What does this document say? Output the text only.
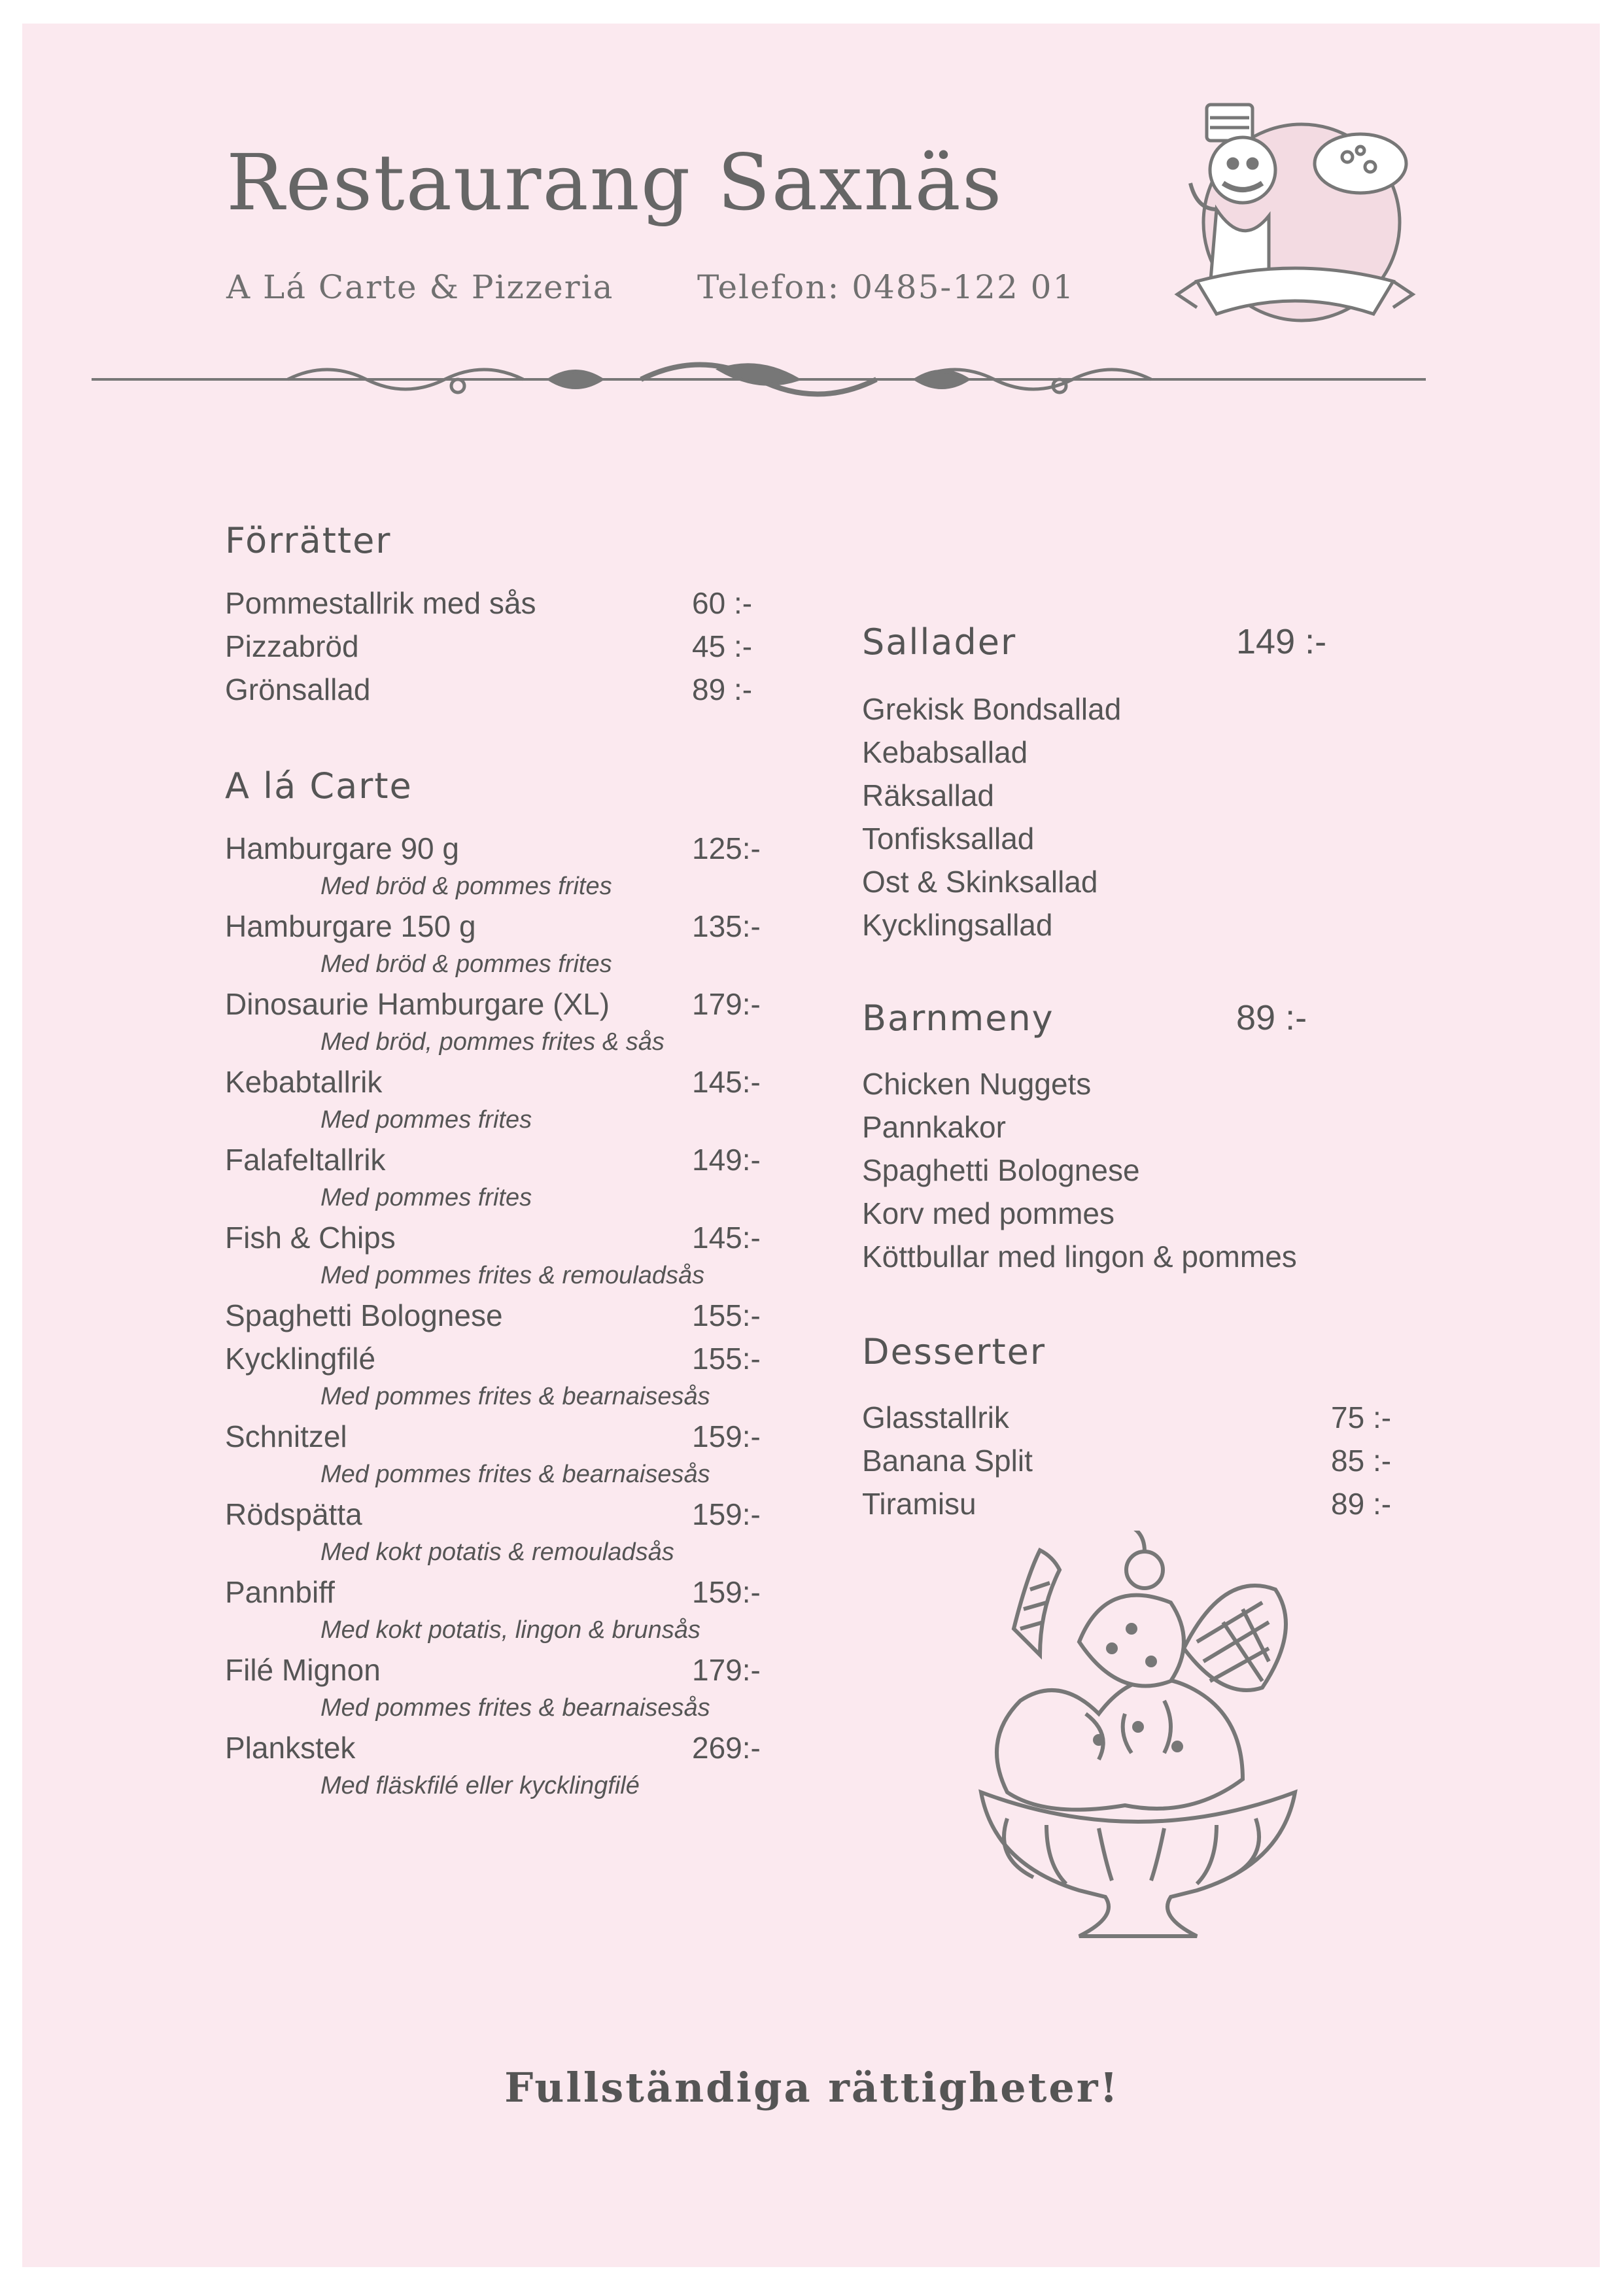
Restaurang Saxnäs
A Lá Carte & Pizzeria	Telefon: 0485-122 01
Förrätter
Pommestallrik med sås	60 :-
Pizzabröd	45 :-
Grönsallad	89 :-
A lá Carte
Hamburgare 90 g	125:-
Med bröd & pommes frites
Hamburgare 150 g	135:-
Med bröd & pommes frites
Dinosaurie Hamburgare (XL)	179:-
Med bröd, pommes frites & sås
Kebabtallrik	145:-
Med pommes frites
Falafeltallrik	149:-
Med pommes frites
Fish & Chips	145:-
Med pommes frites & remouladsås
Spaghetti Bolognese	155:-
Kycklingfilé	155:-
Med pommes frites & bearnaisesås
Schnitzel	159:-
Med pommes frites & bearnaisesås
Rödspätta	159:-
Med kokt potatis & remouladsås
Pannbiff	159:-
Med kokt potatis, lingon & brunsås
Filé Mignon	179:-
Med pommes frites & bearnaisesås
Plankstek	269:-
Med fläskfilé eller kycklingfilé
Sallader	149 :-
Grekisk Bondsallad
Kebabsallad
Räksallad
Tonfisksallad
Ost & Skinksallad
Kycklingsallad
Barnmeny	89 :-
Chicken Nuggets
Pannkakor
Spaghetti Bolognese
Korv med pommes
Köttbullar med lingon & pommes
Desserter
Glasstallrik	75 :-
Banana Split	85 :-
Tiramisu	89 :-
Fullständiga rättigheter!
